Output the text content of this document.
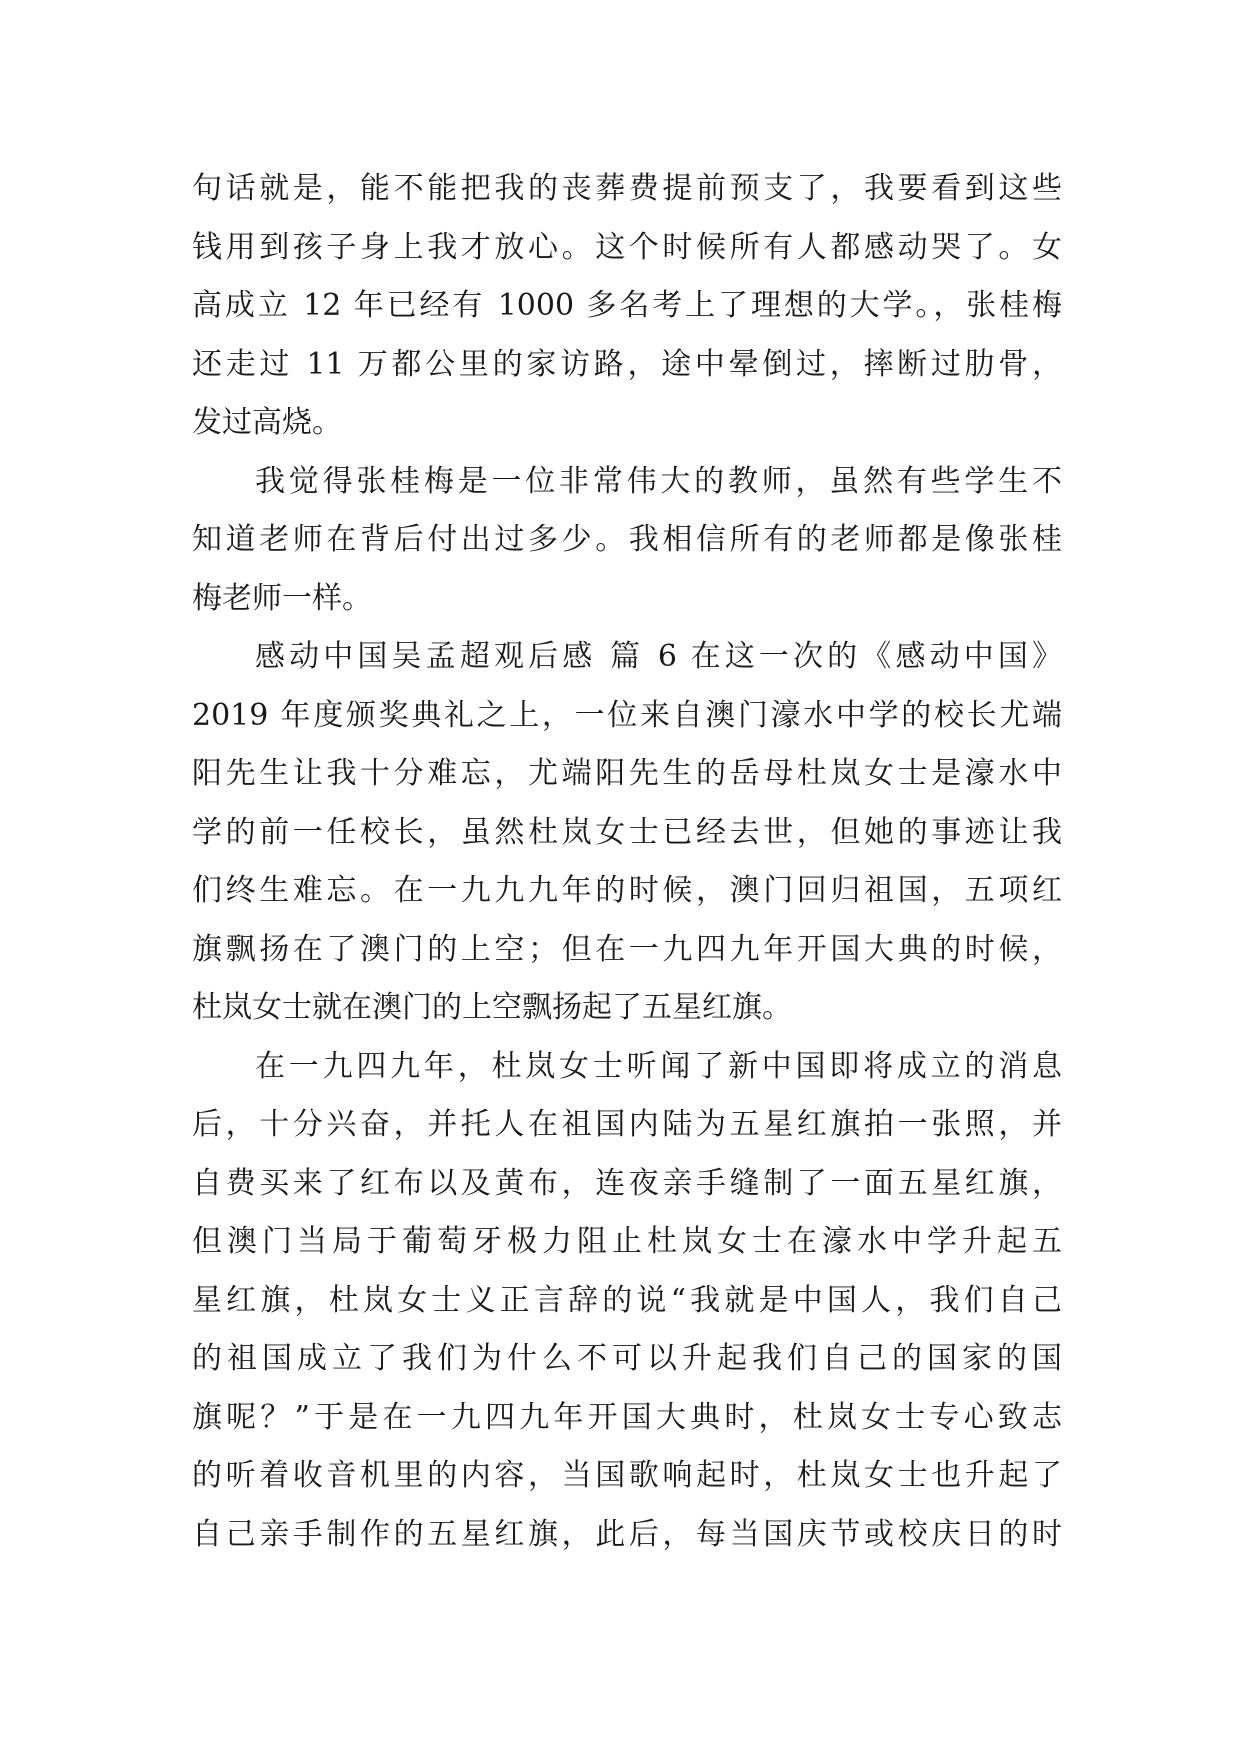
句话就是，能不能把我的丧葬费提前预支了，我要看到这些
钱用到孩子身上我才放心。这个时候所有人都感动哭了。女
高成立 12 年已经有 1000 多名考上了理想的大学。，张桂梅
还走过 11 万都公里的家访路，途中晕倒过，摔断过肋骨，
发过高烧。
我觉得张桂梅是一位非常伟大的教师，虽然有些学生不
知道老师在背后付出过多少。我相信所有的老师都是像张桂
梅老师一样。
感动中国吴孟超观后感 篇 6 在这一次的《感动中国》
2019 年度颁奖典礼之上，一位来自澳门濠水中学的校长尤端
阳先生让我十分难忘，尤端阳先生的岳母杜岚女士是濠水中
学的前一任校长，虽然杜岚女士已经去世，但她的事迹让我
们终生难忘。在一九九九年的时候，澳门回归祖国，五项红
旗飘扬在了澳门的上空；但在一九四九年开国大典的时候，
杜岚女士就在澳门的上空飘扬起了五星红旗。
在一九四九年，杜岚女士听闻了新中国即将成立的消息
后，十分兴奋，并托人在祖国内陆为五星红旗拍一张照，并
自费买来了红布以及黄布，连夜亲手缝制了一面五星红旗，
但澳门当局于葡萄牙极力阻止杜岚女士在濠水中学升起五
星红旗，杜岚女士义正言辞的说“我就是中国人，我们自己
的祖国成立了我们为什么不可以升起我们自己的国家的国
旗呢？”于是在一九四九年开国大典时，杜岚女士专心致志
的听着收音机里的内容，当国歌响起时，杜岚女士也升起了
自己亲手制作的五星红旗，此后，每当国庆节或校庆日的时
